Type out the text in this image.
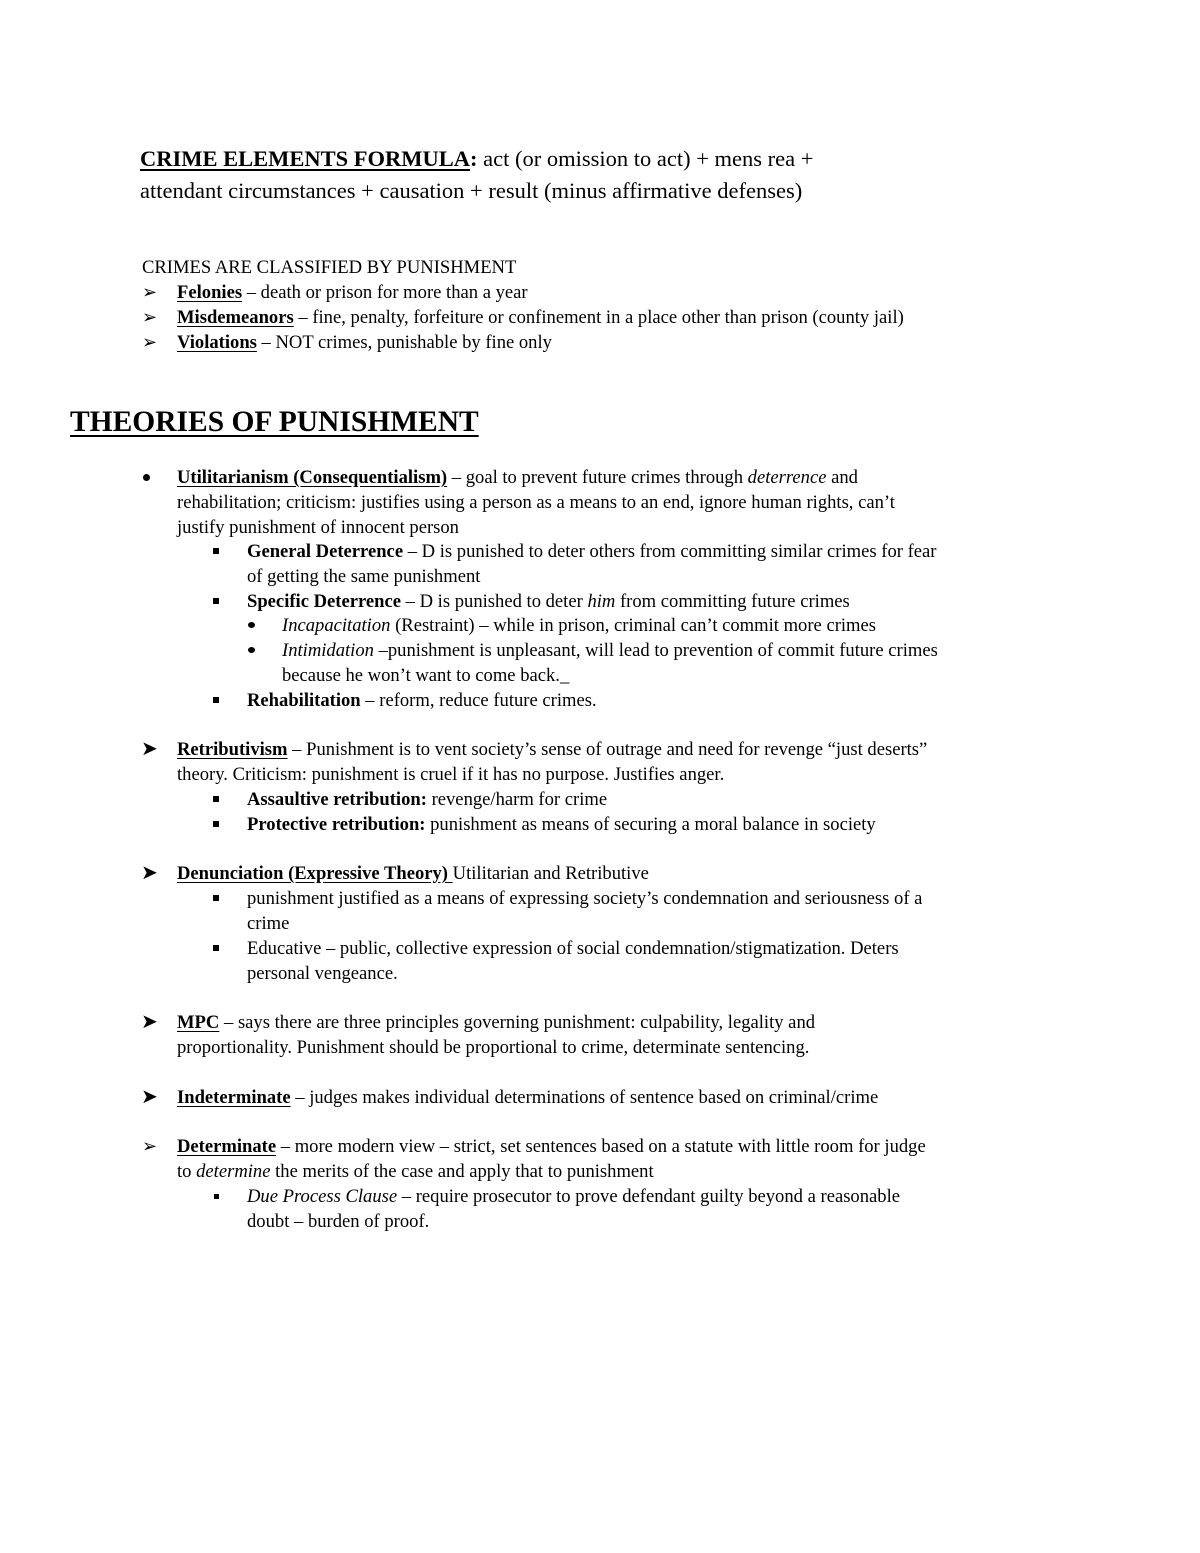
CRIME ELEMENTS FORMULA: act (or omission to act) + mens rea +
attendant circumstances + causation + result (minus affirmative defenses)
CRIMES ARE CLASSIFIED BY PUNISHMENT
➢ Felonies – death or prison for more than a year
➢ Misdemeanors – fine, penalty, forfeiture or confinement in a place other than prison (county jail)
➢ Violations – NOT crimes, punishable by fine only
THEORIES OF PUNISHMENT
Utilitarianism (Consequentialism) – goal to prevent future crimes through deterrence and
rehabilitation; criticism: justifies using a person as a means to an end, ignore human rights, can’t
justify punishment of innocent person
General Deterrence – D is punished to deter others from committing similar crimes for fear
of getting the same punishment
Specific Deterrence – D is punished to deter him from committing future crimes
Incapacitation (Restraint) – while in prison, criminal can’t commit more crimes
Intimidation –punishment is unpleasant, will lead to prevention of commit future crimes
because he won’t want to come back._
Rehabilitation – reform, reduce future crimes.
➤ Retributivism – Punishment is to vent society’s sense of outrage and need for revenge “just deserts”
theory. Criticism: punishment is cruel if it has no purpose. Justifies anger.
Assaultive retribution: revenge/harm for crime
Protective retribution: punishment as means of securing a moral balance in society
➤ Denunciation (Expressive Theory) Utilitarian and Retributive
punishment justified as a means of expressing society’s condemnation and seriousness of a
crime
Educative – public, collective expression of social condemnation/stigmatization. Deters
personal vengeance.
➤ MPC – says there are three principles governing punishment: culpability, legality and
proportionality. Punishment should be proportional to crime, determinate sentencing.
➤ Indeterminate – judges makes individual determinations of sentence based on criminal/crime
➢ Determinate – more modern view – strict, set sentences based on a statute with little room for judge
to determine the merits of the case and apply that to punishment
Due Process Clause – require prosecutor to prove defendant guilty beyond a reasonable
doubt – burden of proof.
